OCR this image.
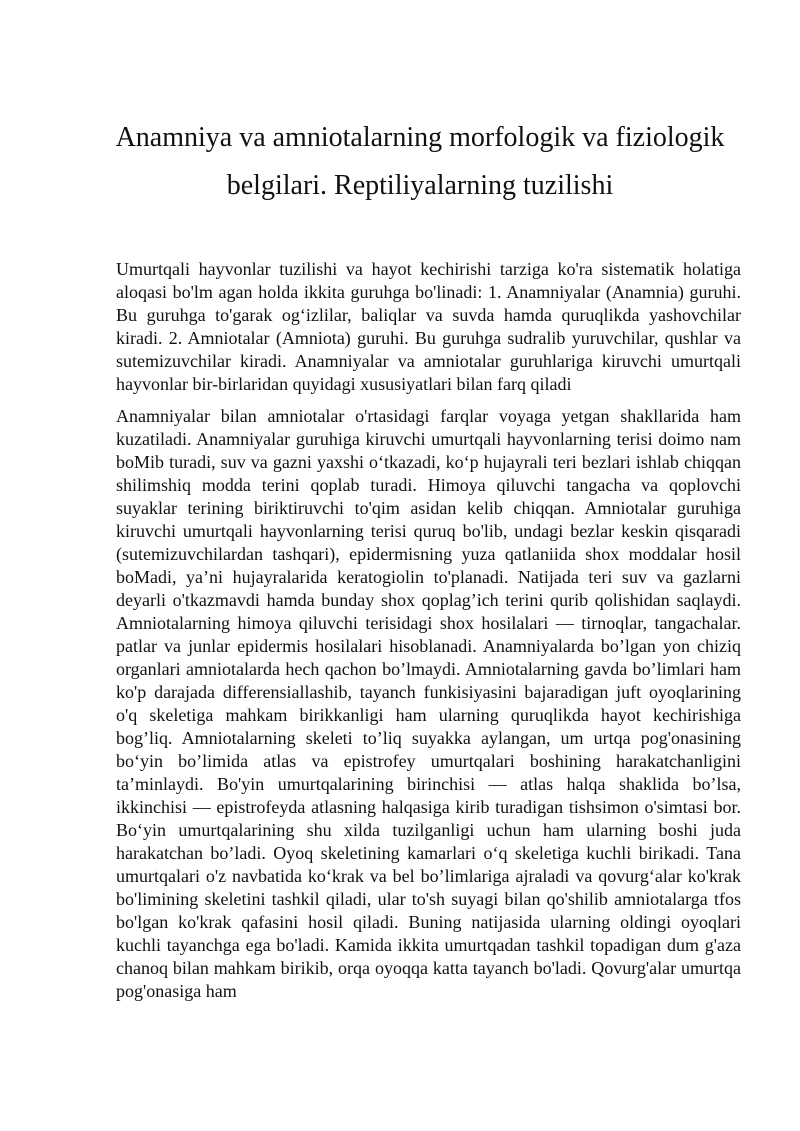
Anamniya va amniotalarning morfologik va fiziologik belgilari. Reptiliyalarning tuzilishi

Umurtqali hayvonlar tuzilishi va hayot kechirishi tarziga ko'ra sistematik holatiga aloqasi bo'lm agan holda ikkita guruhga bo'linadi: 1. Anamniyalar (Anamnia) guruhi. Bu guruhga to'garak og‘izlilar, baliqlar va suvda hamda quruqlikda yashovchilar kiradi. 2. Amniotalar (Amniota) guruhi. Bu guruhga sudralib yuruvchilar, qushlar va sutemizuvchilar kiradi. Anamniyalar va amniotalar guruhlariga kiruvchi umurtqali hayvonlar bir-birlaridan quyidagi xususiyatlari bilan farq qiladi

Anamniyalar bilan amniotalar o'rtasidagi farqlar voyaga yetgan shakllarida ham kuzatiladi. Anamniyalar guruhiga kiruvchi umurtqali hayvonlarning terisi doimo nam boMib turadi, suv va gazni yaxshi o‘tkazadi, ko‘p hujayrali teri bezlari ishlab chiqqan shilimshiq modda terini qoplab turadi. Himoya qiluvchi tangacha va qoplovchi suyaklar terining biriktiruvchi to'qim asidan kelib chiqqan. Amniotalar guruhiga kiruvchi umurtqali hayvonlarning terisi quruq bo'lib, undagi bezlar keskin qisqaradi (sutemizuvchilardan tashqari), epidermisning yuza qatlaniida shox moddalar hosil boMadi, ya’ni hujayralarida keratogiolin to'planadi. Natijada teri suv va gazlarni deyarli o'tkazmavdi hamda bunday shox qoplag’ich terini qurib qolishidan saqlaydi. Amniotalarning himoya qiluvchi terisidagi shox hosilalari — tirnoqlar, tangachalar. patlar va junlar epidermis hosilalari hisoblanadi. Anamniyalarda bo’lgan yon chiziq organlari amniotalarda hech qachon bo’lmaydi. Amniotalarning gavda bo’limlari ham ko'p darajada differensiallashib, tayanch funkisiyasini bajaradigan juft oyoqlarining o'q skeletiga mahkam birikkanligi ham ularning quruqlikda hayot kechirishiga bog’liq. Amniotalarning skeleti to’liq suyakka aylangan, um urtqa pog'onasining bo‘yin bo’limida atlas va epistrofey umurtqalari boshining harakatchanligini ta’minlaydi. Bo'yin umurtqalarining birinchisi — atlas halqa shaklida bo’lsa, ikkinchisi — epistrofeyda atlasning halqasiga kirib turadigan tishsimon o'simtasi bor. Bo‘yin umurtqalarining shu xilda tuzilganligi uchun ham ularning boshi juda harakatchan bo’ladi. Oyoq skeletining kamarlari o‘q skeletiga kuchli birikadi. Tana umurtqalari o'z navbatida ko‘krak va bel bo’limlariga ajraladi va qovurg‘alar ko'krak bo'limining skeletini tashkil qiladi, ular to'sh suyagi bilan qo'shilib amniotalarga tfos bo'lgan ko'krak qafasini hosil qiladi. Buning natijasida ularning oldingi oyoqlari kuchli tayanchga ega bo'ladi. Kamida ikkita umurtqadan tashkil topadigan dum g'aza chanoq bilan mahkam birikib, orqa oyoqqa katta tayanch bo'ladi. Qovurg'alar umurtqa pog'onasiga ham
